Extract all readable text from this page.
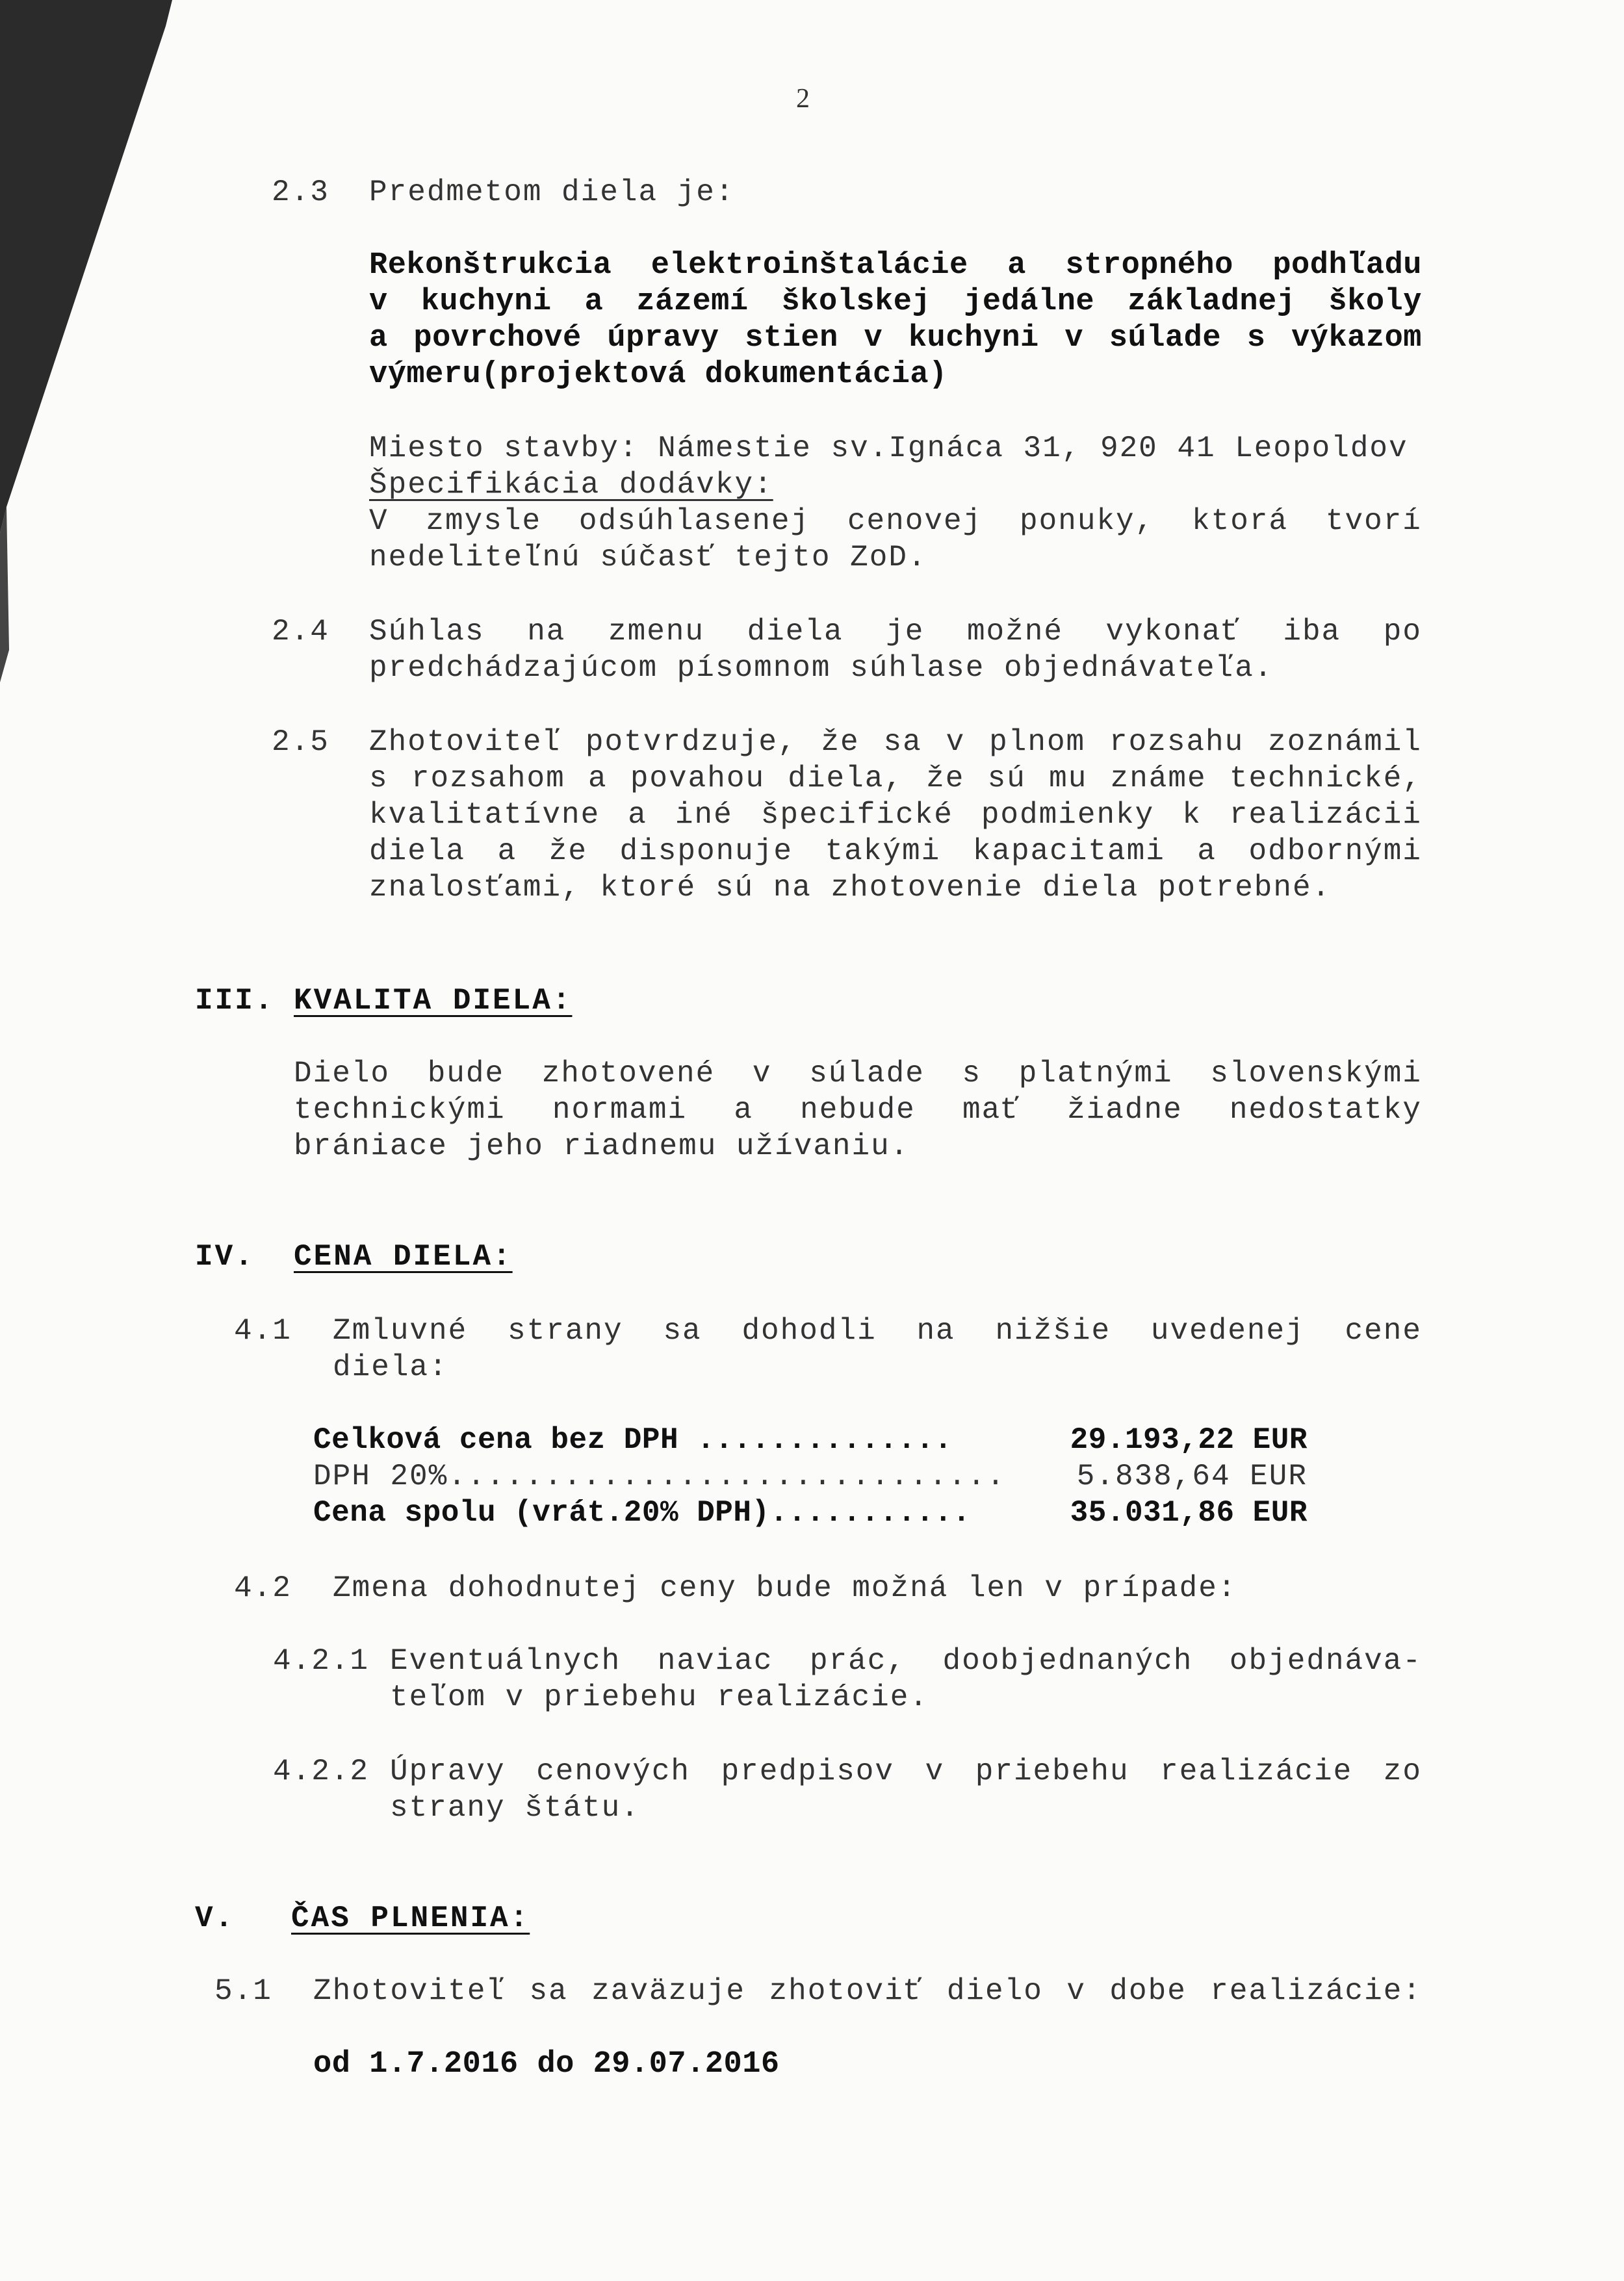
2
2.3 Predmetom diela je:
Rekonštrukcia elektroinštalácie a stropného podhľadu
v kuchyni a zázemí školskej jedálne základnej školy
a povrchové úpravy stien v kuchyni v súlade s výkazom
výmeru(projektová dokumentácia)
Miesto stavby: Námestie sv.Ignáca 31, 920 41 Leopoldov
Špecifikácia dodávky:
V zmysle odsúhlasenej cenovej ponuky, ktorá tvorí
nedeliteľnú súčasť tejto ZoD.
2.4 Súhlas na zmenu diela je možné vykonať iba po
predchádzajúcom písomnom súhlase objednávateľa.
2.5 Zhotoviteľ potvrdzuje, že sa v plnom rozsahu zoznámil
s rozsahom a povahou diela, že sú mu známe technické,
kvalitatívne a iné špecifické podmienky k realizácii
diela a že disponuje takými kapacitami a odbornými
znalosťami, ktoré sú na zhotovenie diela potrebné.
III. KVALITA DIELA:
Dielo bude zhotovené v súlade s platnými slovenskými
technickými normami a nebude mať žiadne nedostatky
brániace jeho riadnemu užívaniu.
IV. CENA DIELA:
4.1 Zmluvné strany sa dohodli na nižšie uvedenej cene
diela:
Celková cena bez DPH ..............	29.193,22 EUR
DPH 20%............................. 5.838,64 EUR
Cena spolu (vrát.20% DPH)...........	35.031,86 EUR
4.2 Zmena dohodnutej ceny bude možná len v prípade:
4.2.1 Eventuálnych naviac prác, doobjednaných objednáva-
teľom v priebehu realizácie.
4.2.2 Úpravy cenových predpisov v priebehu realizácie zo
strany štátu.
V. ČAS PLNENIA:
5.1 Zhotoviteľ sa zaväzuje zhotoviť dielo v dobe realizácie:
od 1.7.2016 do 29.07.2016
